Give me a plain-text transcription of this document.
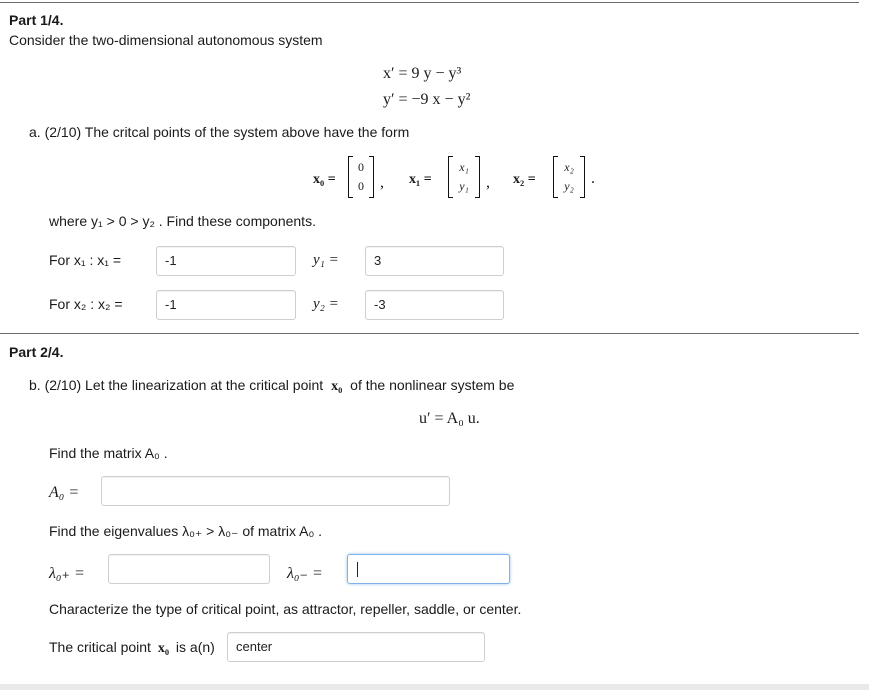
Part 1/4.
Consider the two-dimensional autonomous system
x′ = 9 y − y³
y′ = −9 x − y²
a. (2/10) The critcal points of the system above have the form
x₀ =
0
0	, x₁ =
x₁
y₁	, x₂ =
x₂
y₂	.
where y₁ > 0 > y₂ . Find these components.
For x₁ : x₁ =	-1	y₁ =	3
For x₂ : x₂ =	-1	y₂ =	-3
Part 2/4.
b. (2/10) Let the linearization at the critical point x₀ of the nonlinear system be
u′ = A₀ u.
Find the matrix A₀ .
A₀ =
Find the eigenvalues λ₀₊ > λ₀₋ of matrix A₀ .
λ₀₊ =	λ₀₋ =
Characterize the type of critical point, as attractor, repeller, saddle, or center.
The critical point x₀ is a(n)	center
